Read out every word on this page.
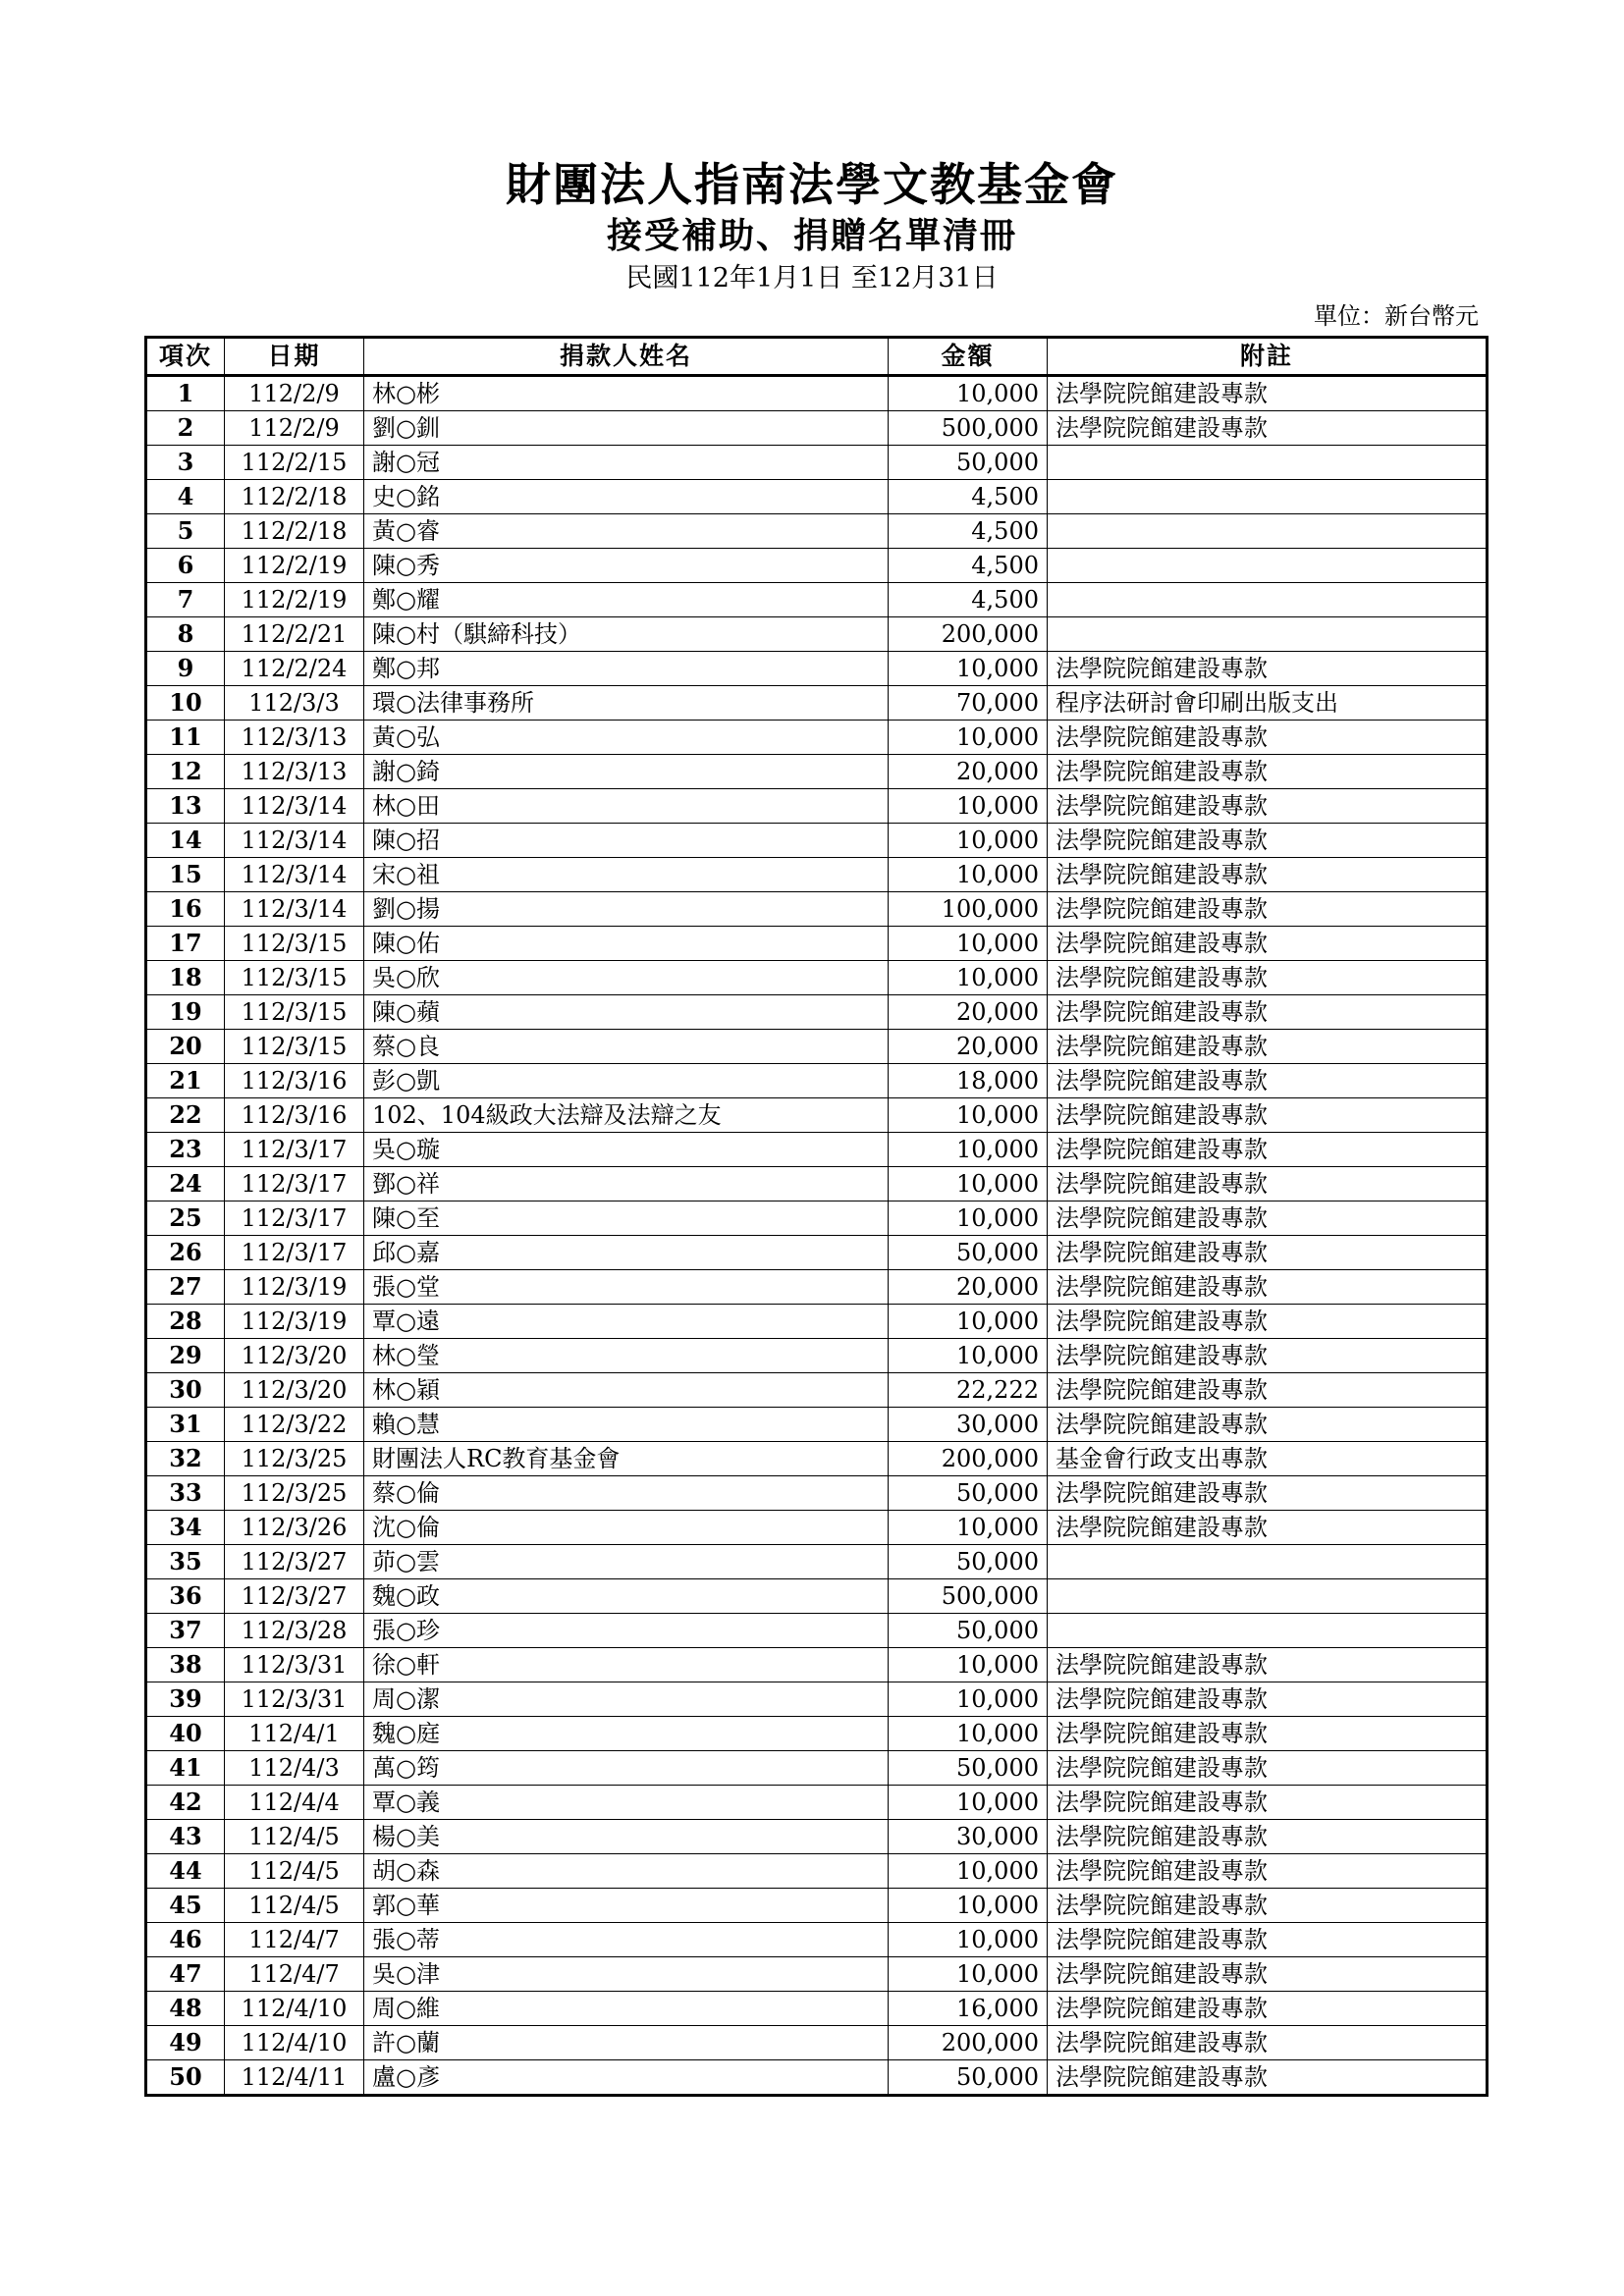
財團法人指南法學文教基金會
接受補助、捐贈名單清冊
民國112年1月1日 至12月31日
單位：新台幣元
項次	日期	捐款人姓名	金額	附註
1	112/2/9	林○彬	10,000	法學院院館建設專款
2	112/2/9	劉○釧	500,000	法學院院館建設專款
3	112/2/15	謝○冠	50,000	
4	112/2/18	史○銘	4,500	
5	112/2/18	黃○睿	4,500	
6	112/2/19	陳○秀	4,500	
7	112/2/19	鄭○耀	4,500	
8	112/2/21	陳○村（騏締科技）	200,000	
9	112/2/24	鄭○邦	10,000	法學院院館建設專款
10	112/3/3	環○法律事務所	70,000	程序法研討會印刷出版支出
11	112/3/13	黃○弘	10,000	法學院院館建設專款
12	112/3/13	謝○錡	20,000	法學院院館建設專款
13	112/3/14	林○田	10,000	法學院院館建設專款
14	112/3/14	陳○招	10,000	法學院院館建設專款
15	112/3/14	宋○祖	10,000	法學院院館建設專款
16	112/3/14	劉○揚	100,000	法學院院館建設專款
17	112/3/15	陳○佑	10,000	法學院院館建設專款
18	112/3/15	吳○欣	10,000	法學院院館建設專款
19	112/3/15	陳○蘋	20,000	法學院院館建設專款
20	112/3/15	蔡○良	20,000	法學院院館建設專款
21	112/3/16	彭○凱	18,000	法學院院館建設專款
22	112/3/16	102、104級政大法辯及法辯之友	10,000	法學院院館建設專款
23	112/3/17	吳○璇	10,000	法學院院館建設專款
24	112/3/17	鄧○祥	10,000	法學院院館建設專款
25	112/3/17	陳○至	10,000	法學院院館建設專款
26	112/3/17	邱○嘉	50,000	法學院院館建設專款
27	112/3/19	張○堂	20,000	法學院院館建設專款
28	112/3/19	覃○遠	10,000	法學院院館建設專款
29	112/3/20	林○瑩	10,000	法學院院館建設專款
30	112/3/20	林○穎	22,222	法學院院館建設專款
31	112/3/22	賴○慧	30,000	法學院院館建設專款
32	112/3/25	財團法人RC教育基金會	200,000	基金會行政支出專款
33	112/3/25	蔡○倫	50,000	法學院院館建設專款
34	112/3/26	沈○倫	10,000	法學院院館建設專款
35	112/3/27	茆○雲	50,000	
36	112/3/27	魏○政	500,000	
37	112/3/28	張○珍	50,000	
38	112/3/31	徐○軒	10,000	法學院院館建設專款
39	112/3/31	周○潔	10,000	法學院院館建設專款
40	112/4/1	魏○庭	10,000	法學院院館建設專款
41	112/4/3	萬○筠	50,000	法學院院館建設專款
42	112/4/4	覃○義	10,000	法學院院館建設專款
43	112/4/5	楊○美	30,000	法學院院館建設專款
44	112/4/5	胡○森	10,000	法學院院館建設專款
45	112/4/5	郭○華	10,000	法學院院館建設專款
46	112/4/7	張○蒂	10,000	法學院院館建設專款
47	112/4/7	吳○津	10,000	法學院院館建設專款
48	112/4/10	周○維	16,000	法學院院館建設專款
49	112/4/10	許○蘭	200,000	法學院院館建設專款
50	112/4/11	盧○彥	50,000	法學院院館建設專款
